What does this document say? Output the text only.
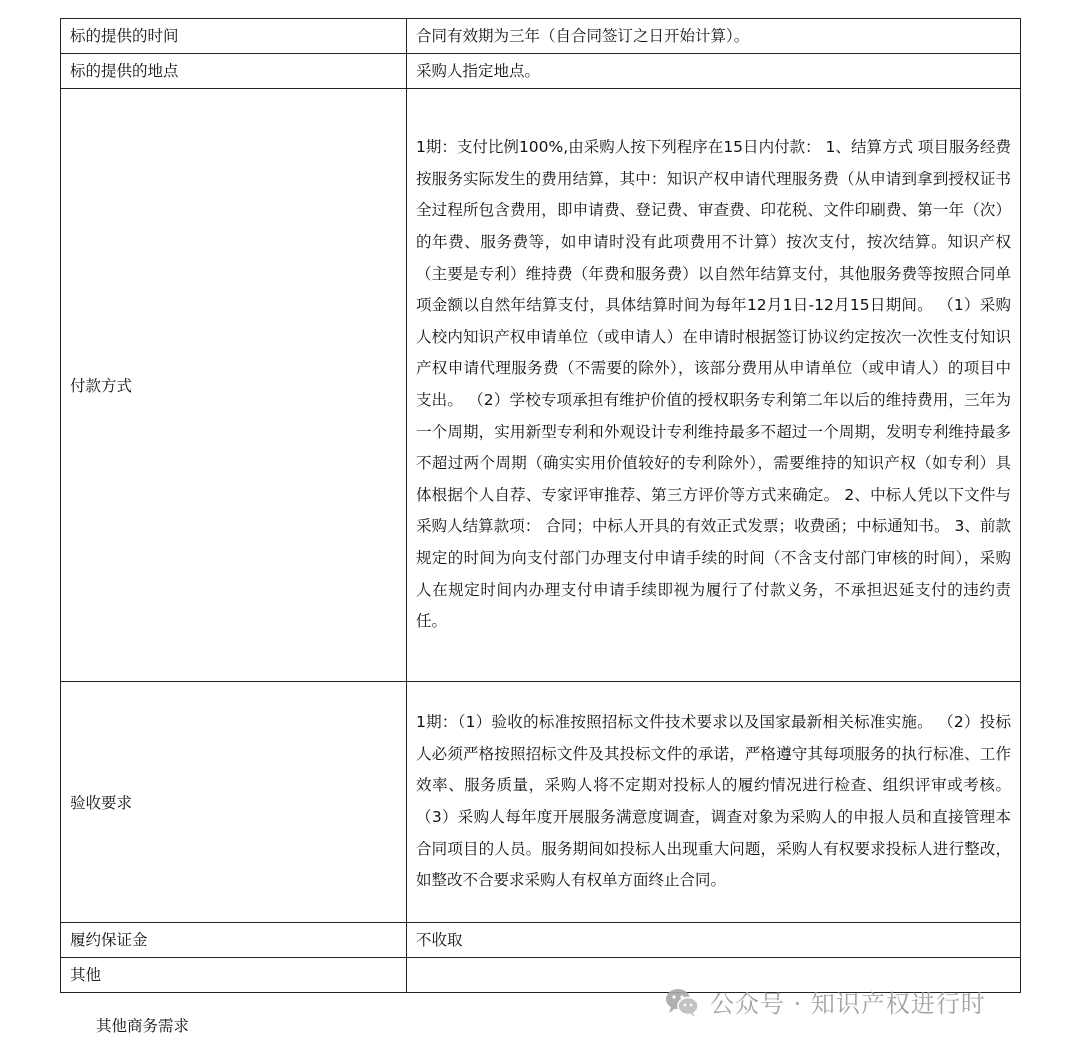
标的提供的时间	合同有效期为三年（自合同签订之日开始计算）。
标的提供的地点	采购人指定地点。
付款方式	1期：支付比例100%,由采购人按下列程序在15日内付款： 1、结算方式 项目服务经费按服务实际发生的费用结算，其中：知识产权申请代理服务费（从申请到拿到授权证书全过程所包含费用，即申请费、登记费、审查费、印花税、文件印刷费、第一年（次）的年费、服务费等，如申请时没有此项费用不计算）按次支付，按次结算。知识产权（主要是专利）维持费（年费和服务费）以自然年结算支付，其他服务费等按照合同单项金额以自然年结算支付，具体结算时间为每年12月1日-12月15日期间。 （1）采购人校内知识产权申请单位（或申请人）在申请时根据签订协议约定按次一次性支付知识产权申请代理服务费（不需要的除外），该部分费用从申请单位（或申请人）的项目中支出。 （2）学校专项承担有维护价值的授权职务专利第二年以后的维持费用，三年为一个周期，实用新型专利和外观设计专利维持最多不超过一个周期，发明专利维持最多不超过两个周期（确实实用价值较好的专利除外），需要维持的知识产权（如专利）具体根据个人自荐、专家评审推荐、第三方评价等方式来确定。 2、中标人凭以下文件与采购人结算款项： 合同；中标人开具的有效正式发票；收费函；中标通知书。 3、前款规定的时间为向支付部门办理支付申请手续的时间（不含支付部门审核的时间），采购人在规定时间内办理支付申请手续即视为履行了付款义务，不承担迟延支付的违约责任。
验收要求	1期：（1）验收的标准按照招标文件技术要求以及国家最新相关标准实施。 （2）投标人必须严格按照招标文件及其投标文件的承诺，严格遵守其每项服务的执行标准、工作效率、服务质量，采购人将不定期对投标人的履约情况进行检查、组织评审或考核。 （3）采购人每年度开展服务满意度调查，调查对象为采购人的申报人员和直接管理本合同项目的人员。服务期间如投标人出现重大问题，采购人有权要求投标人进行整改，如整改不合要求采购人有权单方面终止合同。
履约保证金	不收取
其他	
其他商务需求
公众号 · 知识产权进行时
